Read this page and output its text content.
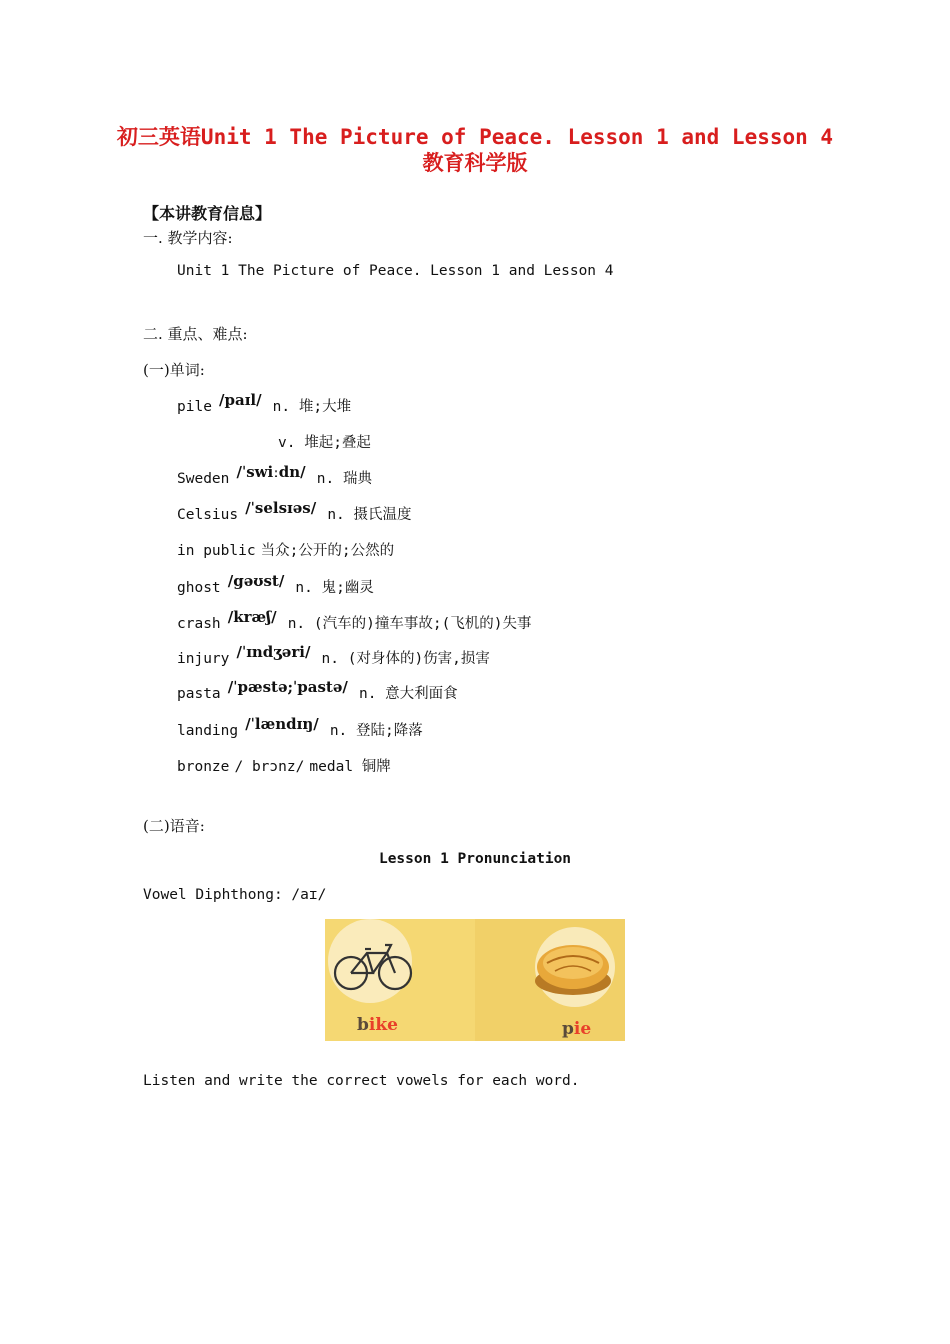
初三英语Unit 1 The Picture of Peace. Lesson 1 and Lesson 4
教育科学版
【本讲教育信息】
一. 教学内容:
Unit 1 The Picture of Peace. Lesson 1 and Lesson 4
二. 重点、难点:
(一)单词:
pile /paɪl/ n. 堆;大堆
v. 堆起;叠起
Sweden /ˈswiːdn/ n. 瑞典
Celsius /ˈselsɪəs/ n. 摄氏温度
in public 当众;公开的;公然的
ghost /gəʊst/ n. 鬼;幽灵
crash /kræʃ/ n. (汽车的)撞车事故;(飞机的)失事
injury /ˈɪndʒəri/ n. (对身体的)伤害,损害
pasta /ˈpæstə;ˈpastə/ n. 意大利面食
landing /ˈlændɪŋ/ n. 登陆;降落
bronze / brɔnz/ medal 铜牌
(二)语音:
Lesson 1 Pronunciation
Vowel Diphthong: /aɪ/
bike	pie
Listen and write the correct vowels for each word.
